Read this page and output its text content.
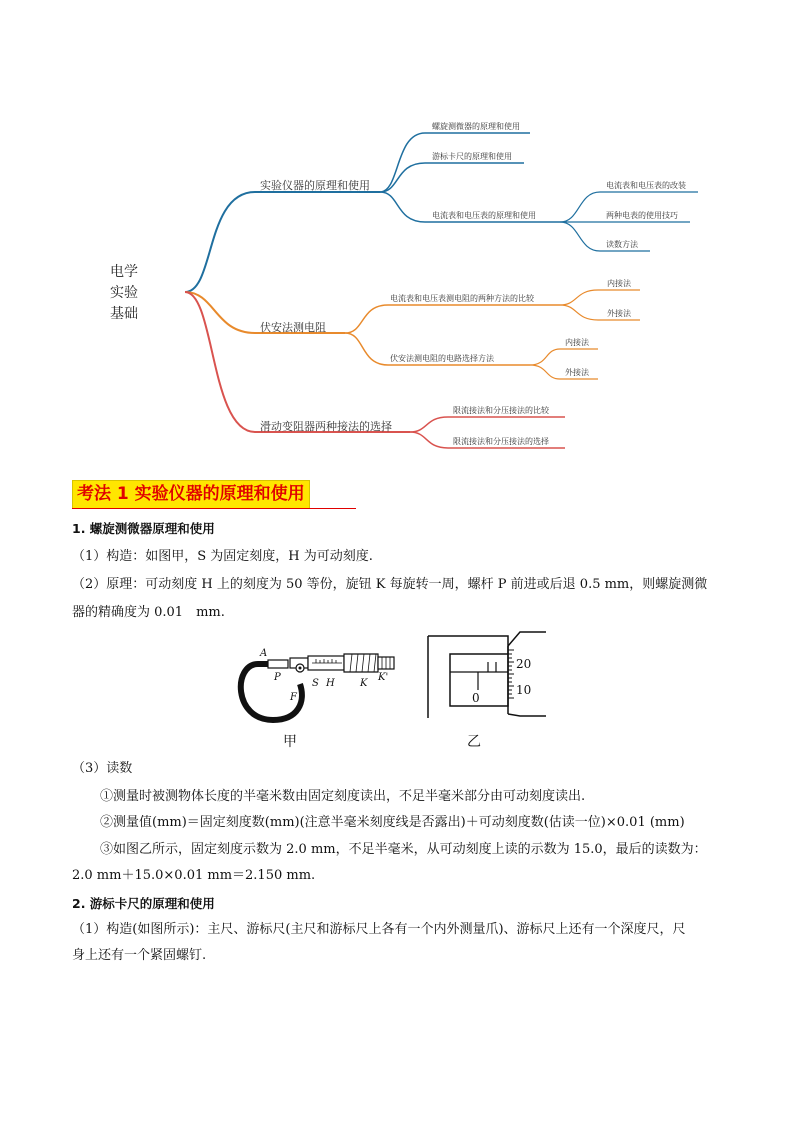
电学
实验
基础
实验仪器的原理和使用
螺旋测微器的原理和使用
游标卡尺的原理和使用
电流表和电压表的原理和使用
电流表和电压表的改装
两种电表的使用技巧
读数方法
伏安法测电阻
电流表和电压表测电阻的两种方法的比较
伏安法测电阻的电路选择方法
内接法
外接法
内接法
外接法
滑动变阻器两种接法的选择
限流接法和分压接法的比较
限流接法和分压接法的选择
考法 1 实验仪器的原理和使用
1. 螺旋测微器原理和使用
（1）构造：如图甲，S 为固定刻度，H 为可动刻度.
（2）原理：可动刻度 H 上的刻度为 50 等份，旋钮 K 每旋转一周，螺杆 P 前进或后退 0.5 mm，则螺旋测微
器的精确度为 0.01　mm.
A
P
F
S H	K
K'
20
10
0
甲	乙
（3）读数
①测量时被测物体长度的半毫米数由固定刻度读出，不足半毫米部分由可动刻度读出.
②测量值(mm)＝固定刻度数(mm)(注意半毫米刻度线是否露出)＋可动刻度数(估读一位)×0.01 (mm)
③如图乙所示，固定刻度示数为 2.0 mm，不足半毫米，从可动刻度上读的示数为 15.0，最后的读数为：
2.0 mm＋15.0×0.01 mm＝2.150 mm.
2. 游标卡尺的原理和使用
（1）构造(如图所示)：主尺、游标尺(主尺和游标尺上各有一个内外测量爪)、游标尺上还有一个深度尺，尺
身上还有一个紧固螺钉.
